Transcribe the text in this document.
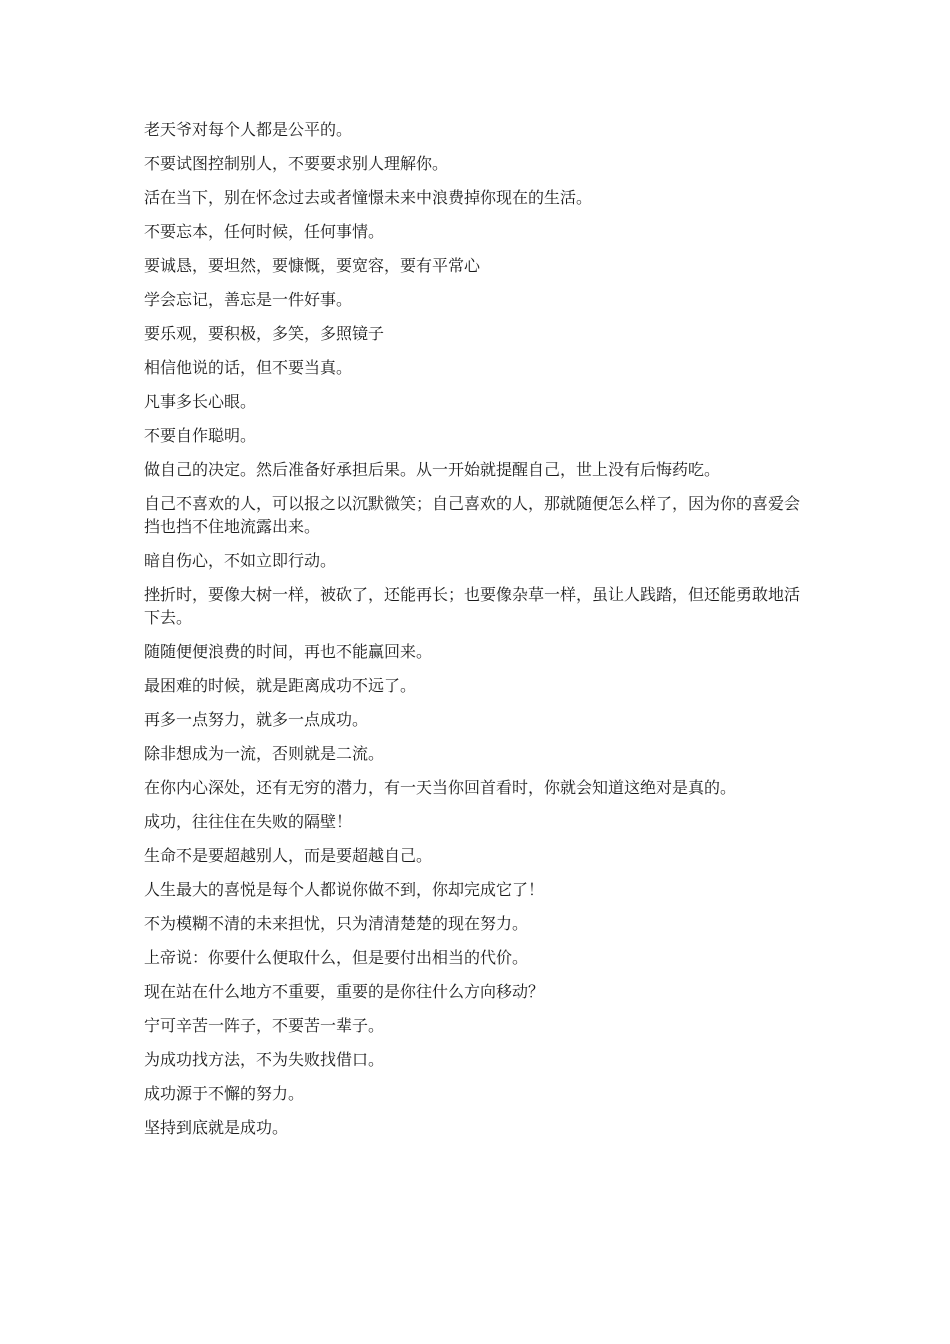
老天爷对每个人都是公平的。

不要试图控制别人，不要要求别人理解你。

活在当下，别在怀念过去或者憧憬未来中浪费掉你现在的生活。

不要忘本，任何时候，任何事情。

要诚恳，要坦然，要慷慨，要宽容，要有平常心

学会忘记，善忘是一件好事。

要乐观，要积极，多笑，多照镜子

相信他说的话，但不要当真。

凡事多长心眼。

不要自作聪明。

做自己的决定。然后准备好承担后果。从一开始就提醒自己，世上没有后悔药吃。

自己不喜欢的人，可以报之以沉默微笑；自己喜欢的人，那就随便怎么样了，因为你的喜爱会挡也挡不住地流露出来。

暗自伤心，不如立即行动。

挫折时，要像大树一样，被砍了，还能再长；也要像杂草一样，虽让人践踏，但还能勇敢地活下去。

随随便便浪费的时间，再也不能赢回来。

最困难的时候，就是距离成功不远了。

再多一点努力，就多一点成功。

除非想成为一流，否则就是二流。

在你内心深处，还有无穷的潜力，有一天当你回首看时，你就会知道这绝对是真的。

成功，往往住在失败的隔壁！

生命不是要超越别人，而是要超越自己。

人生最大的喜悦是每个人都说你做不到，你却完成它了！

不为模糊不清的未来担忧，只为清清楚楚的现在努力。

上帝说：你要什么便取什么，但是要付出相当的代价。

现在站在什么地方不重要，重要的是你往什么方向移动？

宁可辛苦一阵子，不要苦一辈子。

为成功找方法，不为失败找借口。

成功源于不懈的努力。

坚持到底就是成功。
